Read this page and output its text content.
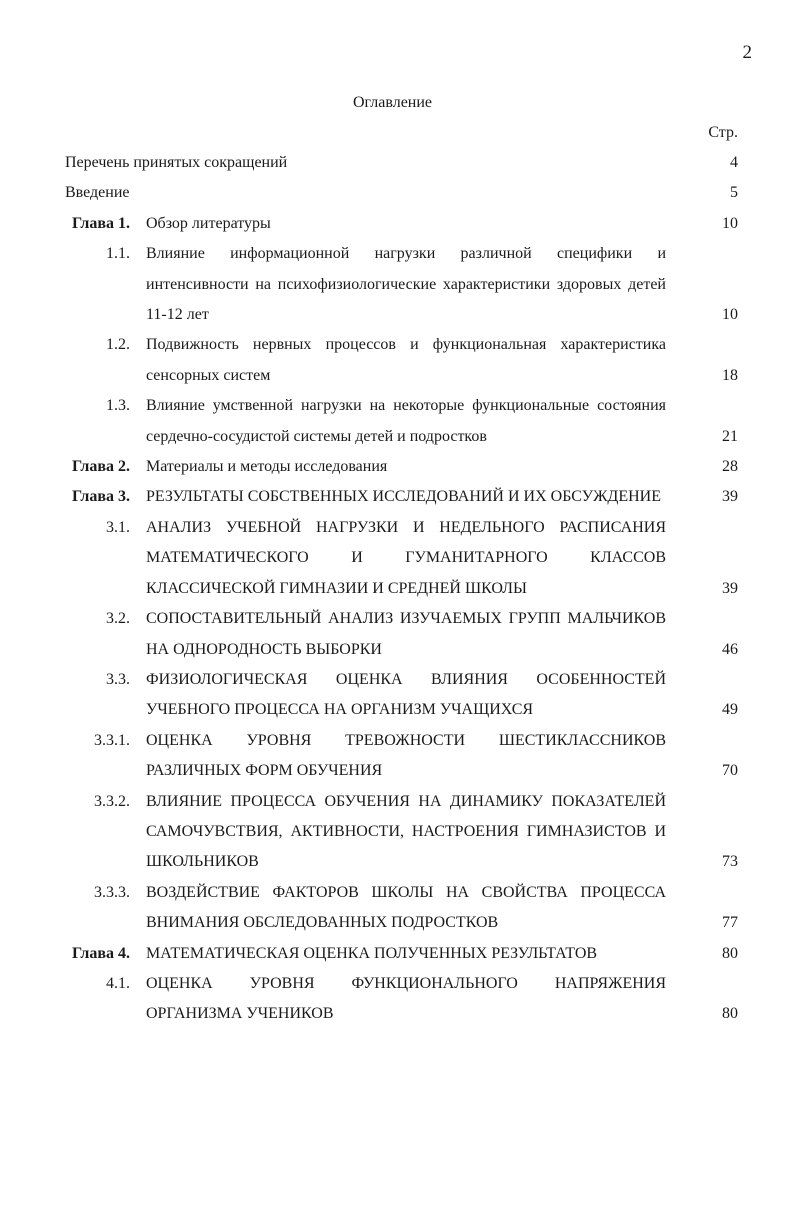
2
Оглавление
Стр.
Перечень принятых сокращений	4
Введение	5
Глава 1. Обзор литературы	10
1.1. Влияние информационной нагрузки различной специфики и интенсивности на психофизиологические характеристики здоровых детей 11-12 лет	10
1.2. Подвижность нервных процессов и функциональная характеристика сенсорных систем	18
1.3. Влияние умственной нагрузки на некоторые функциональные состояния сердечно-сосудистой системы детей и подростков	21
Глава 2. Материалы и методы исследования	28
Глава 3. РЕЗУЛЬТАТЫ СОБСТВЕННЫХ ИССЛЕДОВАНИЙ И ИХ ОБСУЖДЕНИЕ	39
3.1. АНАЛИЗ УЧЕБНОЙ НАГРУЗКИ И НЕДЕЛЬНОГО РАСПИСАНИЯ МАТЕМАТИЧЕСКОГО И ГУМАНИТАРНОГО КЛАССОВ КЛАССИЧЕСКОЙ ГИМНАЗИИ И СРЕДНЕЙ ШКОЛЫ	39
3.2. СОПОСТАВИТЕЛЬНЫЙ АНАЛИЗ ИЗУЧАЕМЫХ ГРУПП МАЛЬЧИКОВ НА ОДНОРОДНОСТЬ ВЫБОРКИ	46
3.3. ФИЗИОЛОГИЧЕСКАЯ ОЦЕНКА ВЛИЯНИЯ ОСОБЕННОСТЕЙ УЧЕБНОГО ПРОЦЕССА НА ОРГАНИЗМ УЧАЩИХСЯ	49
3.3.1. ОЦЕНКА УРОВНЯ ТРЕВОЖНОСТИ ШЕСТИКЛАССНИКОВ РАЗЛИЧНЫХ ФОРМ ОБУЧЕНИЯ	70
3.3.2. ВЛИЯНИЕ ПРОЦЕССА ОБУЧЕНИЯ НА ДИНАМИКУ ПОКАЗАТЕЛЕЙ САМОЧУВСТВИЯ, АКТИВНОСТИ, НАСТРОЕНИЯ ГИМНАЗИСТОВ И ШКОЛЬНИКОВ	73
3.3.3. ВОЗДЕЙСТВИЕ ФАКТОРОВ ШКОЛЫ НА СВОЙСТВА ПРОЦЕССА ВНИМАНИЯ ОБСЛЕДОВАННЫХ ПОДРОСТКОВ	77
Глава 4. МАТЕМАТИЧЕСКАЯ ОЦЕНКА ПОЛУЧЕННЫХ РЕЗУЛЬТАТОВ	80
4.1. ОЦЕНКА УРОВНЯ ФУНКЦИОНАЛЬНОГО НАПРЯЖЕНИЯ ОРГАНИЗМА УЧЕНИКОВ	80
